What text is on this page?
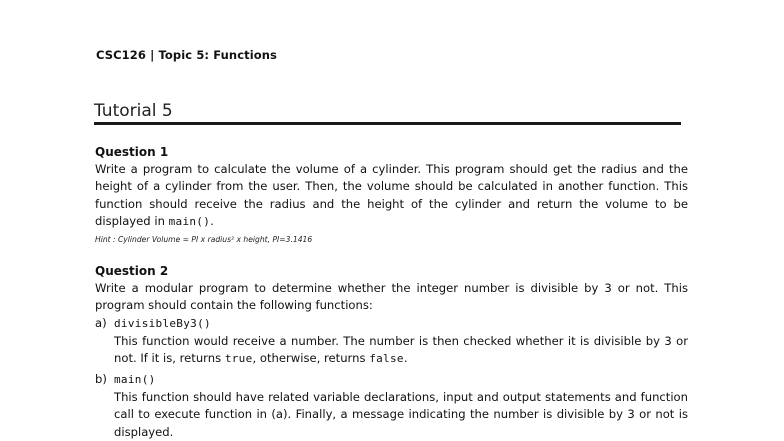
CSC126 | Topic 5: Functions
Tutorial 5
Question 1
Write a program to calculate the volume of a cylinder. This program should get the radius and the height of a cylinder from the user. Then, the volume should be calculated in another function. This function should receive the radius and the height of the cylinder and return the volume to be displayed in main().
Hint : Cylinder Volume = PI x radius² x height, PI=3.1416
Question 2
Write a modular program to determine whether the integer number is divisible by 3 or not. This program should contain the following functions:
a) divisibleBy3()
This function would receive a number. The number is then checked whether it is divisible by 3 or not. If it is, returns true, otherwise, returns false.
b) main()
This function should have related variable declarations, input and output statements and function call to execute function in (a). Finally, a message indicating the number is divisible by 3 or not is displayed.
